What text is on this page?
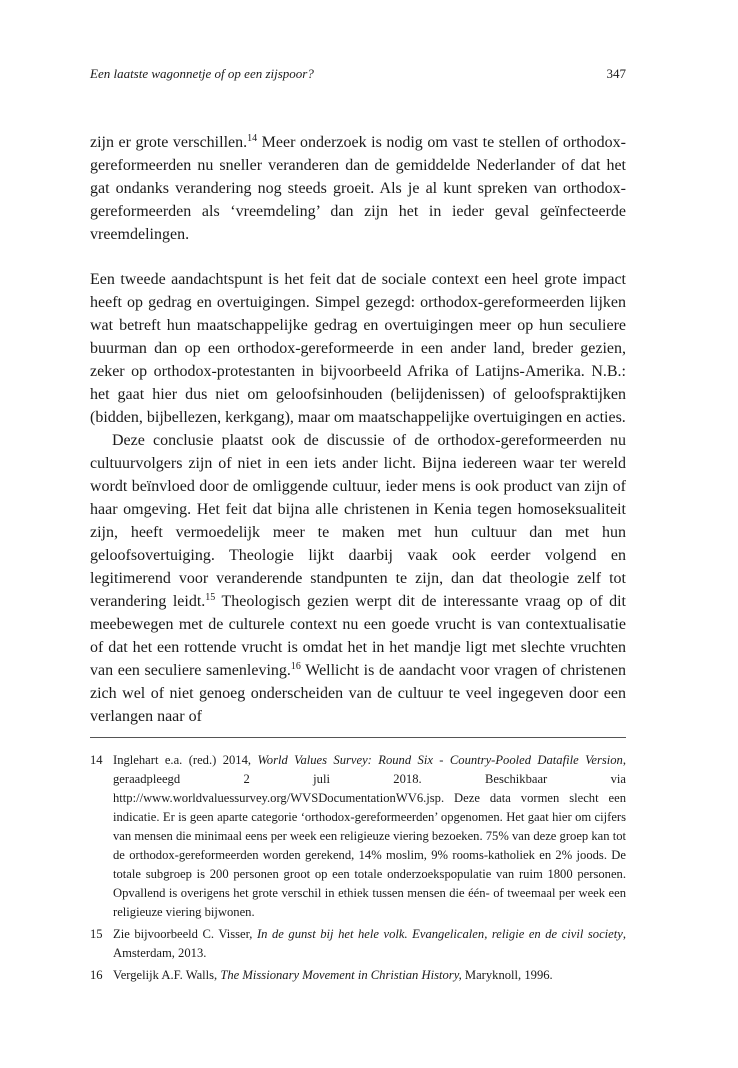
Een laatste wagonnetje of op een zijspoor?	347

zijn er grote verschillen.$^{14}$ Meer onderzoek is nodig om vast te stellen of orthodox-gereformeerden nu sneller veranderen dan de gemiddelde Nederlander of dat het gat ondanks verandering nog steeds groeit. Als je al kunt spreken van orthodox-gereformeerden als ‘vreemdeling’ dan zijn het in ieder geval geïnfecteerde vreemdelingen.

Een tweede aandachtspunt is het feit dat de sociale context een heel grote impact heeft op gedrag en overtuigingen. Simpel gezegd: orthodox-gereformeerden lijken wat betreft hun maatschappelijke gedrag en overtuigingen meer op hun seculiere buurman dan op een orthodox-gereformeerde in een ander land, breder gezien, zeker op orthodox-protestanten in bijvoorbeeld Afrika of Latijns-Amerika. N.B.: het gaat hier dus niet om geloofsinhouden (belijdenissen) of geloofspraktijken (bidden, bijbellezen, kerkgang), maar om maatschappelijke overtuigingen en acties.

Deze conclusie plaatst ook de discussie of de orthodox-gereformeerden nu cultuurvolgers zijn of niet in een iets ander licht. Bijna iedereen waar ter wereld wordt beïnvloed door de omliggende cultuur, ieder mens is ook product van zijn of haar omgeving. Het feit dat bijna alle christenen in Kenia tegen homoseksualiteit zijn, heeft vermoedelijk meer te maken met hun cultuur dan met hun geloofsovertuiging. Theologie lijkt daarbij vaak ook eerder volgend en legitimerend voor veranderende standpunten te zijn, dan dat theologie zelf tot verandering leidt.$^{15}$ Theologisch gezien werpt dit de interessante vraag op of dit meebewegen met de culturele context nu een goede vrucht is van contextualisatie of dat het een rottende vrucht is omdat het in het mandje ligt met slechte vruchten van een seculiere samenleving.$^{16}$ Wellicht is de aandacht voor vragen of christenen zich wel of niet genoeg onderscheiden van de cultuur te veel ingegeven door een verlangen naar of

14 Inglehart e.a. (red.) 2014, World Values Survey: Round Six - Country-Pooled Datafile Version, geraadpleegd 2 juli 2018. Beschikbaar via http://www.worldvaluessurvey.org/WVSDocumentationWV6.jsp. Deze data vormen slecht een indicatie. Er is geen aparte categorie ‘orthodox-gereformeerden’ opgenomen. Het gaat hier om cijfers van mensen die minimaal eens per week een religieuze viering bezoeken. 75% van deze groep kan tot de orthodox-gereformeerden worden gerekend, 14% moslim, 9% rooms-katholiek en 2% joods. De totale subgroep is 200 personen groot op een totale onderzoekspopulatie van ruim 1800 personen. Opvallend is overigens het grote verschil in ethiek tussen mensen die één- of tweemaal per week een religieuze viering bijwonen.
15 Zie bijvoorbeeld C. Visser, In de gunst bij het hele volk. Evangelicalen, religie en de civil society, Amsterdam, 2013.
16 Vergelijk A.F. Walls, The Missionary Movement in Christian History, Maryknoll, 1996.
